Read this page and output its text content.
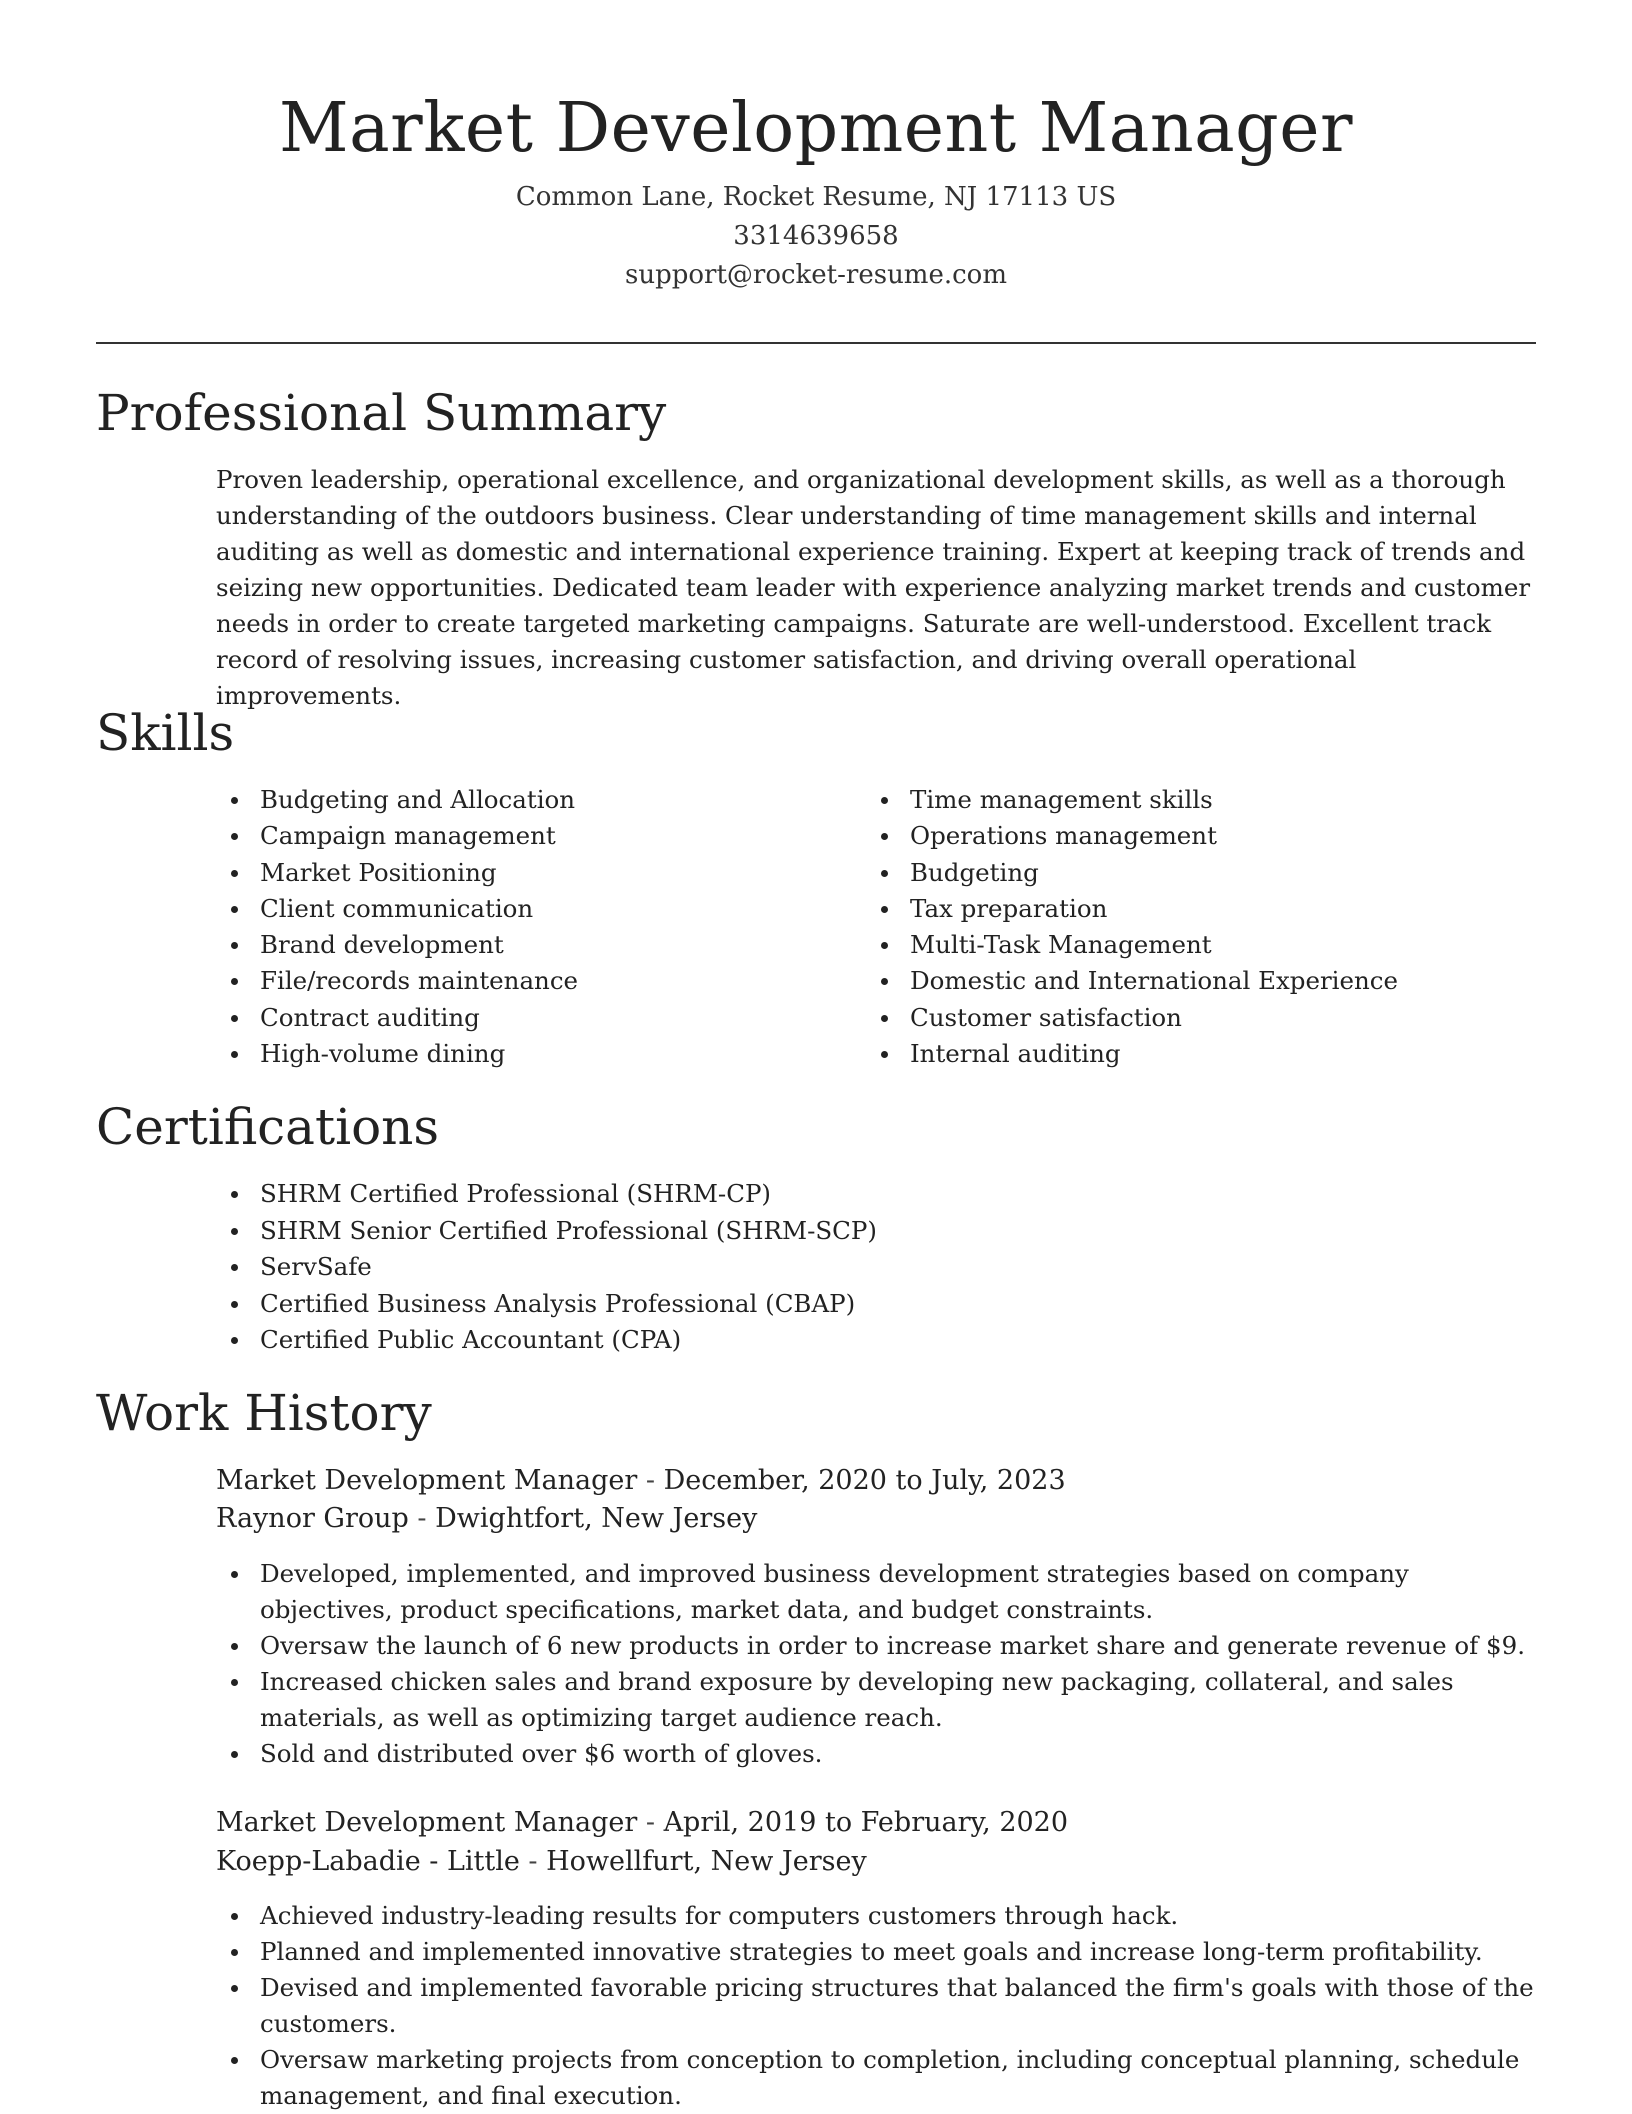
Market Development Manager

Common Lane, Rocket Resume, NJ 17113 US

3314639658

support@rocket-resume.com

Professional Summary

Proven leadership, operational excellence, and organizational development skills, as well as a thorough understanding of the outdoors business. Clear understanding of time management skills and internal auditing as well as domestic and international experience training. Expert at keeping track of trends and seizing new opportunities. Dedicated team leader with experience analyzing market trends and customer needs in order to create targeted marketing campaigns. Saturate are well-understood. Excellent track record of resolving issues, increasing customer satisfaction, and driving overall operational improvements.

Skills
Budgeting and Allocation
Campaign management
Market Positioning
Client communication
Brand development
File/records maintenance
Contract auditing
High-volume dining
Time management skills
Operations management
Budgeting
Tax preparation
Multi-Task Management
Domestic and International Experience
Customer satisfaction
Internal auditing
Certifications
SHRM Certified Professional (SHRM-CP)
SHRM Senior Certified Professional (SHRM-SCP)
ServSafe
Certified Business Analysis Professional (CBAP)
Certified Public Accountant (CPA)
Work History

Market Development Manager - December, 2020 to July, 2023

Raynor Group - Dwightfort, New Jersey

Developed, implemented, and improved business development strategies based on company objectives, product specifications, market data, and budget constraints.
Oversaw the launch of 6 new products in order to increase market share and generate revenue of $9.
Increased chicken sales and brand exposure by developing new packaging, collateral, and sales materials, as well as optimizing target audience reach.
Sold and distributed over $6 worth of gloves.

Market Development Manager - April, 2019 to February, 2020

Koepp-Labadie - Little - Howellfurt, New Jersey

Achieved industry-leading results for computers customers through hack.
Planned and implemented innovative strategies to meet goals and increase long-term profitability.
Devised and implemented favorable pricing structures that balanced the firm's goals with those of the customers.
Oversaw marketing projects from conception to completion, including conceptual planning, schedule management, and final execution.
